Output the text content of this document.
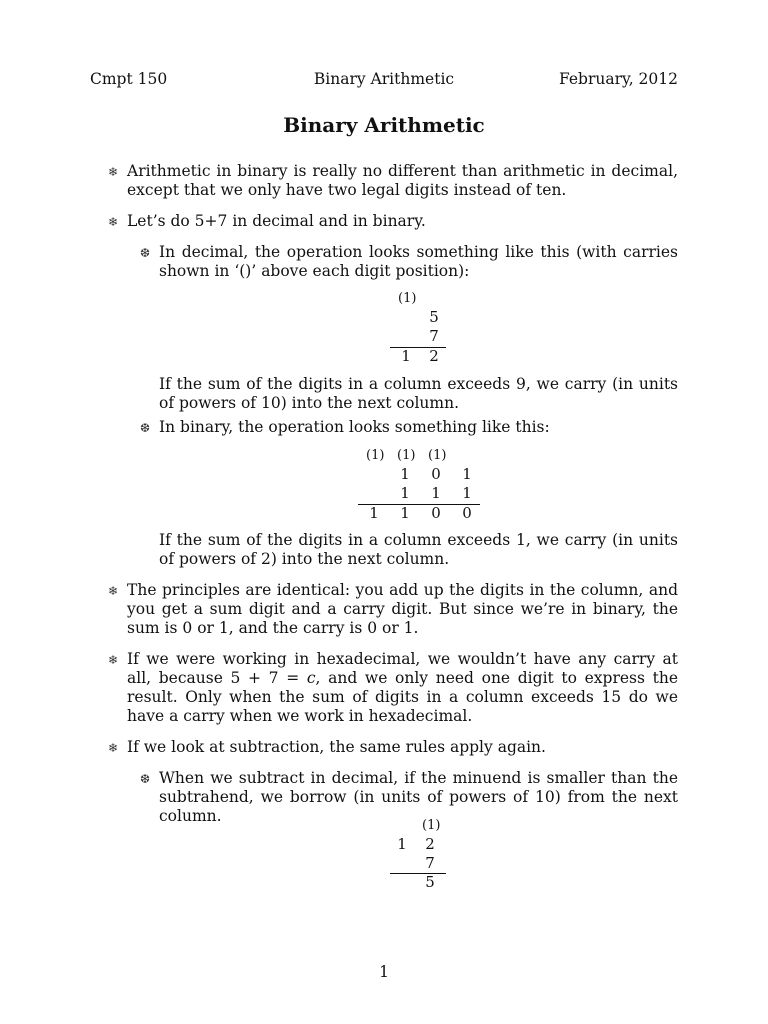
Cmpt 150	Binary Arithmetic	February, 2012
Binary Arithmetic
❄ Arithmetic in binary is really no different than arithmetic in decimal, except that we only have two legal digits instead of ten.
❄ Let’s do 5+7 in decimal and in binary.
❆ In decimal, the operation looks something like this (with carries shown in ‘()’ above each digit position):
(1)
5
7
1 2
If the sum of the digits in a column exceeds 9, we carry (in units of powers of 10) into the next column.
❆ In binary, the operation looks something like this:
(1) (1) (1)
1 0 1
1 1 1
1 1 0 0
If the sum of the digits in a column exceeds 1, we carry (in units of powers of 2) into the next column.
❄ The principles are identical: you add up the digits in the column, and you get a sum digit and a carry digit. But since we’re in binary, the sum is 0 or 1, and the carry is 0 or 1.
❄ If we were working in hexadecimal, we wouldn’t have any carry at all, because 5 + 7 = c, and we only need one digit to express the result. Only when the sum of digits in a column exceeds 15 do we have a carry when we work in hexadecimal.
❄ If we look at subtraction, the same rules apply again.
❆ When we subtract in decimal, if the minuend is smaller than the subtrahend, we borrow (in units of powers of 10) from the next column.
(1)
1 2
7
5
1
